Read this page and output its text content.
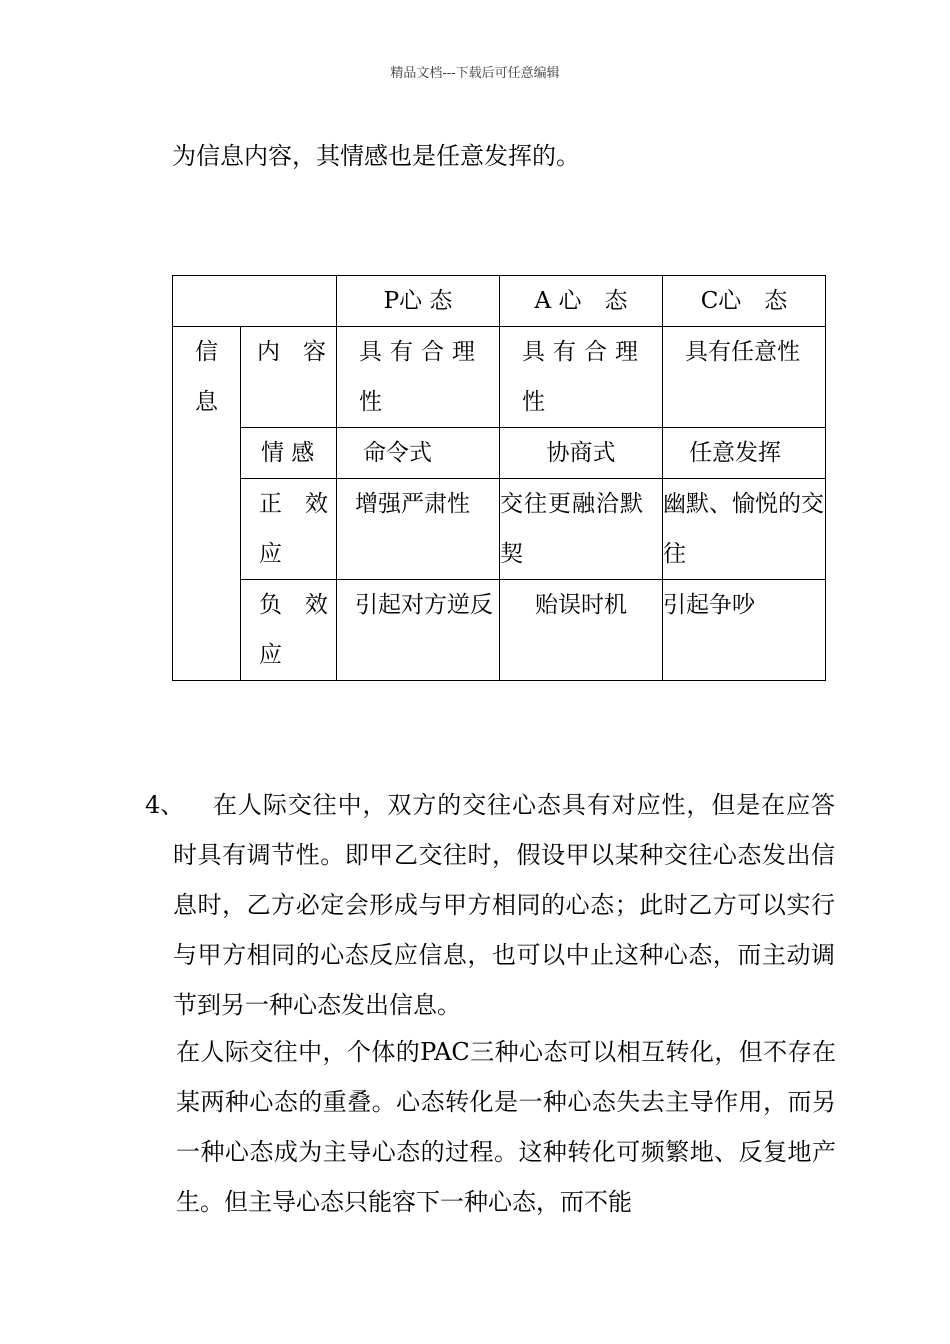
精品文档---下载后可任意编辑
为信息内容，其情感也是任意发挥的。
		P心 态	A 心　态	C心　态

信
息	内　容	具有合理性	具有合理性	具有任意性
	情 感	命令式	协商式	任意发挥
	正　效应	增强严肃性	交往更融洽默契	幽默、愉悦的交往
	负　效应	引起对方逆反	贻误时机	引起争吵
4、	在人际交往中，双方的交往心态具有对应性，但是在应答时具有调节性。即甲乙交往时，假设甲以某种交往心态发出信息时，乙方必定会形成与甲方相同的心态；此时乙方可以实行与甲方相同的心态反应信息，也可以中止这种心态，而主动调节到另一种心态发出信息。
在人际交往中，个体的PAC三种心态可以相互转化，但不存在某两种心态的重叠。心态转化是一种心态失去主导作用，而另一种心态成为主导心态的过程。这种转化可频繁地、反复地产生。但主导心态只能容下一种心态，而不能
